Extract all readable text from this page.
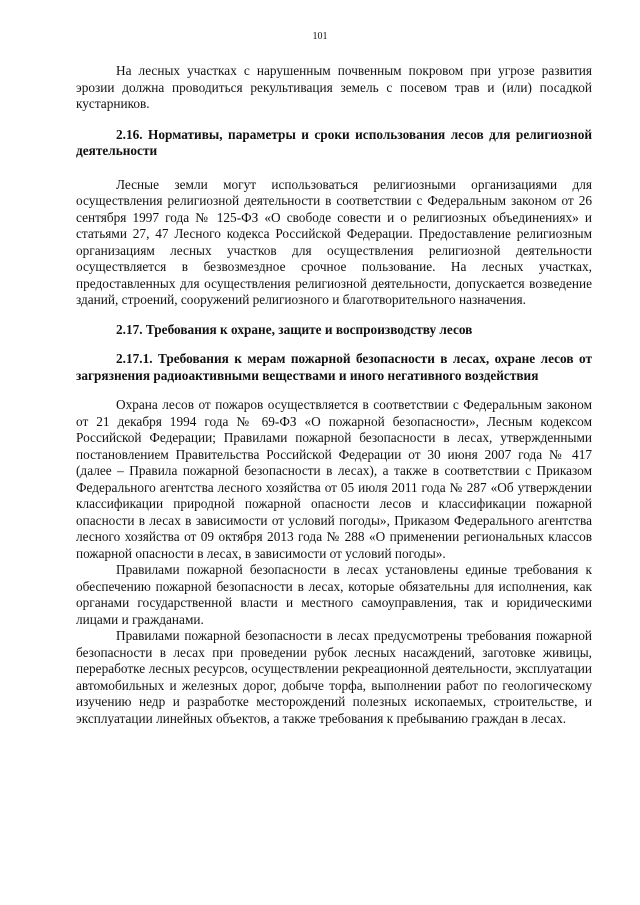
101

На лесных участках с нарушенным почвенным покровом при угрозе развития эрозии должна проводиться рекультивация земель с посевом трав и (или) посадкой кустарников.

2.16. Нормативы, параметры и сроки использования лесов для религиозной деятельности

Лесные земли могут использоваться религиозными организациями для осуществления религиозной деятельности в соответствии с Федеральным законом от 26 сентября 1997 года № 125-ФЗ «О свободе совести и о религиозных объединениях» и статьями 27, 47 Лесного кодекса Российской Федерации. Предоставление религиозным организациям лесных участков для осуществления религиозной деятельности осуществляется в безвозмездное срочное пользование. На лесных участках, предоставленных для осуществления религиозной деятельности, допускается возведение зданий, строений, сооружений религиозного и благотворительного назначения.

2.17. Требования к охране, защите и воспроизводству лесов

2.17.1. Требования к мерам пожарной безопасности в лесах, охране лесов от загрязнения радиоактивными веществами и иного негативного воздействия

Охрана лесов от пожаров осуществляется в соответствии с Федеральным законом от 21 декабря 1994 года № 69-ФЗ «О пожарной безопасности», Лесным кодексом Российской Федерации; Правилами пожарной безопасности в лесах, утвержденными постановлением Правительства Российской Федерации от 30 июня 2007 года № 417 (далее – Правила пожарной безопасности в лесах), а также в соответствии с Приказом Федерального агентства лесного хозяйства от 05 июля 2011 года № 287 «Об утверждении классификации природной пожарной опасности лесов и классификации пожарной опасности в лесах в зависимости от условий погоды», Приказом Федерального агентства лесного хозяйства от 09 октября 2013 года № 288 «О применении региональных классов пожарной опасности в лесах, в зависимости от условий погоды».

Правилами пожарной безопасности в лесах установлены единые требования к обеспечению пожарной безопасности в лесах, которые обязательны для исполнения, как органами государственной власти и местного самоуправления, так и юридическими лицами и гражданами.

Правилами пожарной безопасности в лесах предусмотрены требования пожарной безопасности в лесах при проведении рубок лесных насаждений, заготовке живицы, переработке лесных ресурсов, осуществлении рекреационной деятельности, эксплуатации автомобильных и железных дорог, добыче торфа, выполнении работ по геологическому изучению недр и разработке месторождений полезных ископаемых, строительстве, и эксплуатации линейных объектов, а также требования к пребыванию граждан в лесах.
